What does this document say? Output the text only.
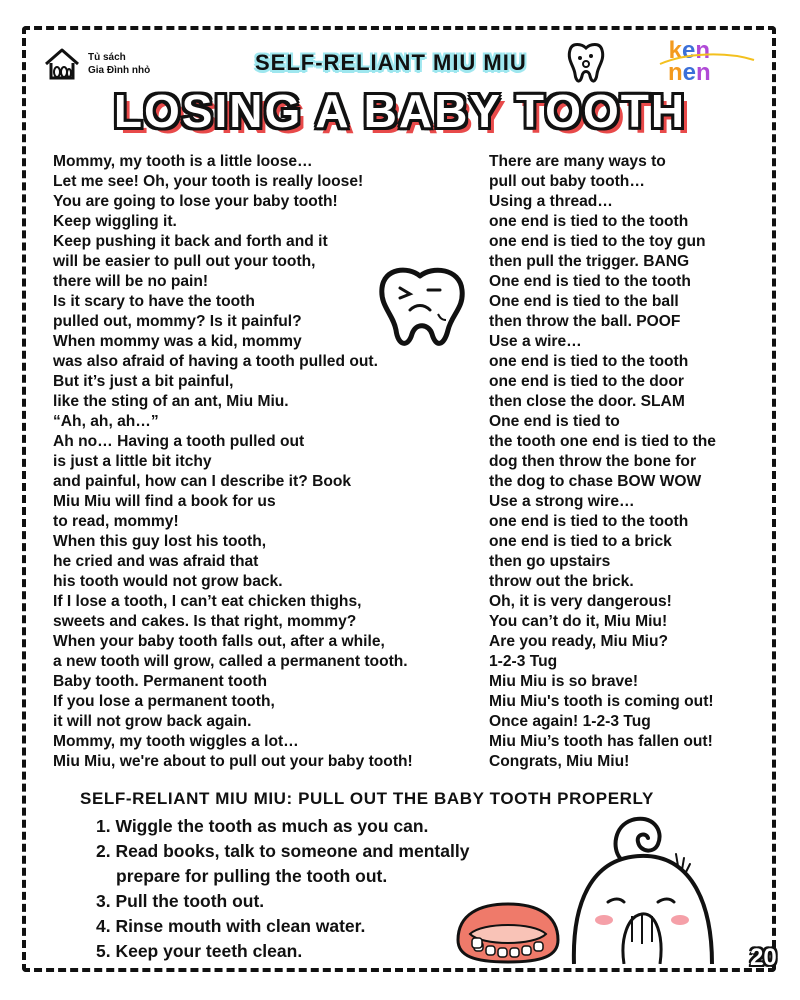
Tủ sách
Gia Đình nhỏ	SELF-RELIANT MIU MIU	ken
nen
LOSING A BABY TOOTH
Mommy, my tooth is a little loose…
Let me see! Oh, your tooth is really loose!
You are going to lose your baby tooth!
Keep wiggling it.
Keep pushing it back and forth and it
will be easier to pull out your tooth,
there will be no pain!
Is it scary to have the tooth
pulled out, mommy? Is it painful?
When mommy was a kid, mommy
was also afraid of having a tooth pulled out.
But it’s just a bit painful,
like the sting of an ant, Miu Miu.
“Ah, ah, ah…”
Ah no… Having a tooth pulled out
is just a little bit itchy
and painful, how can I describe it? Book
Miu Miu will find a book for us
to read, mommy!
When this guy lost his tooth,
he cried and was afraid that
his tooth would not grow back.
If I lose a tooth, I can’t eat chicken thighs,
sweets and cakes. Is that right, mommy?
When your baby tooth falls out, after a while,
a new tooth will grow, called a permanent tooth.
Baby tooth. Permanent tooth
If you lose a permanent tooth,
it will not grow back again.
Mommy, my tooth wiggles a lot…
Miu Miu, we're about to pull out your baby tooth!
There are many ways to
pull out baby tooth…
Using a thread…
one end is tied to the tooth
one end is tied to the toy gun
then pull the trigger. BANG
One end is tied to the tooth
One end is tied to the ball
then throw the ball. POOF
Use a wire…
one end is tied to the tooth
one end is tied to the door
then close the door. SLAM
One end is tied to
the tooth one end is tied to the
dog then throw the bone for
the dog to chase BOW WOW
Use a strong wire…
one end is tied to the tooth
one end is tied to a brick
then go upstairs
throw out the brick.
Oh, it is very dangerous!
You can’t do it, Miu Miu!
Are you ready, Miu Miu?
1-2-3 Tug
Miu Miu is so brave!
Miu Miu's tooth is coming out!
Once again! 1-2-3 Tug
Miu Miu’s tooth has fallen out!
Congrats, Miu Miu!
SELF-RELIANT MIU MIU: PULL OUT THE BABY TOOTH PROPERLY
1. Wiggle the tooth as much as you can.
2. Read books, talk to someone and mentally
prepare for pulling the tooth out.
3. Pull the tooth out.
4. Rinse mouth with clean water.
5. Keep your teeth clean.	20
